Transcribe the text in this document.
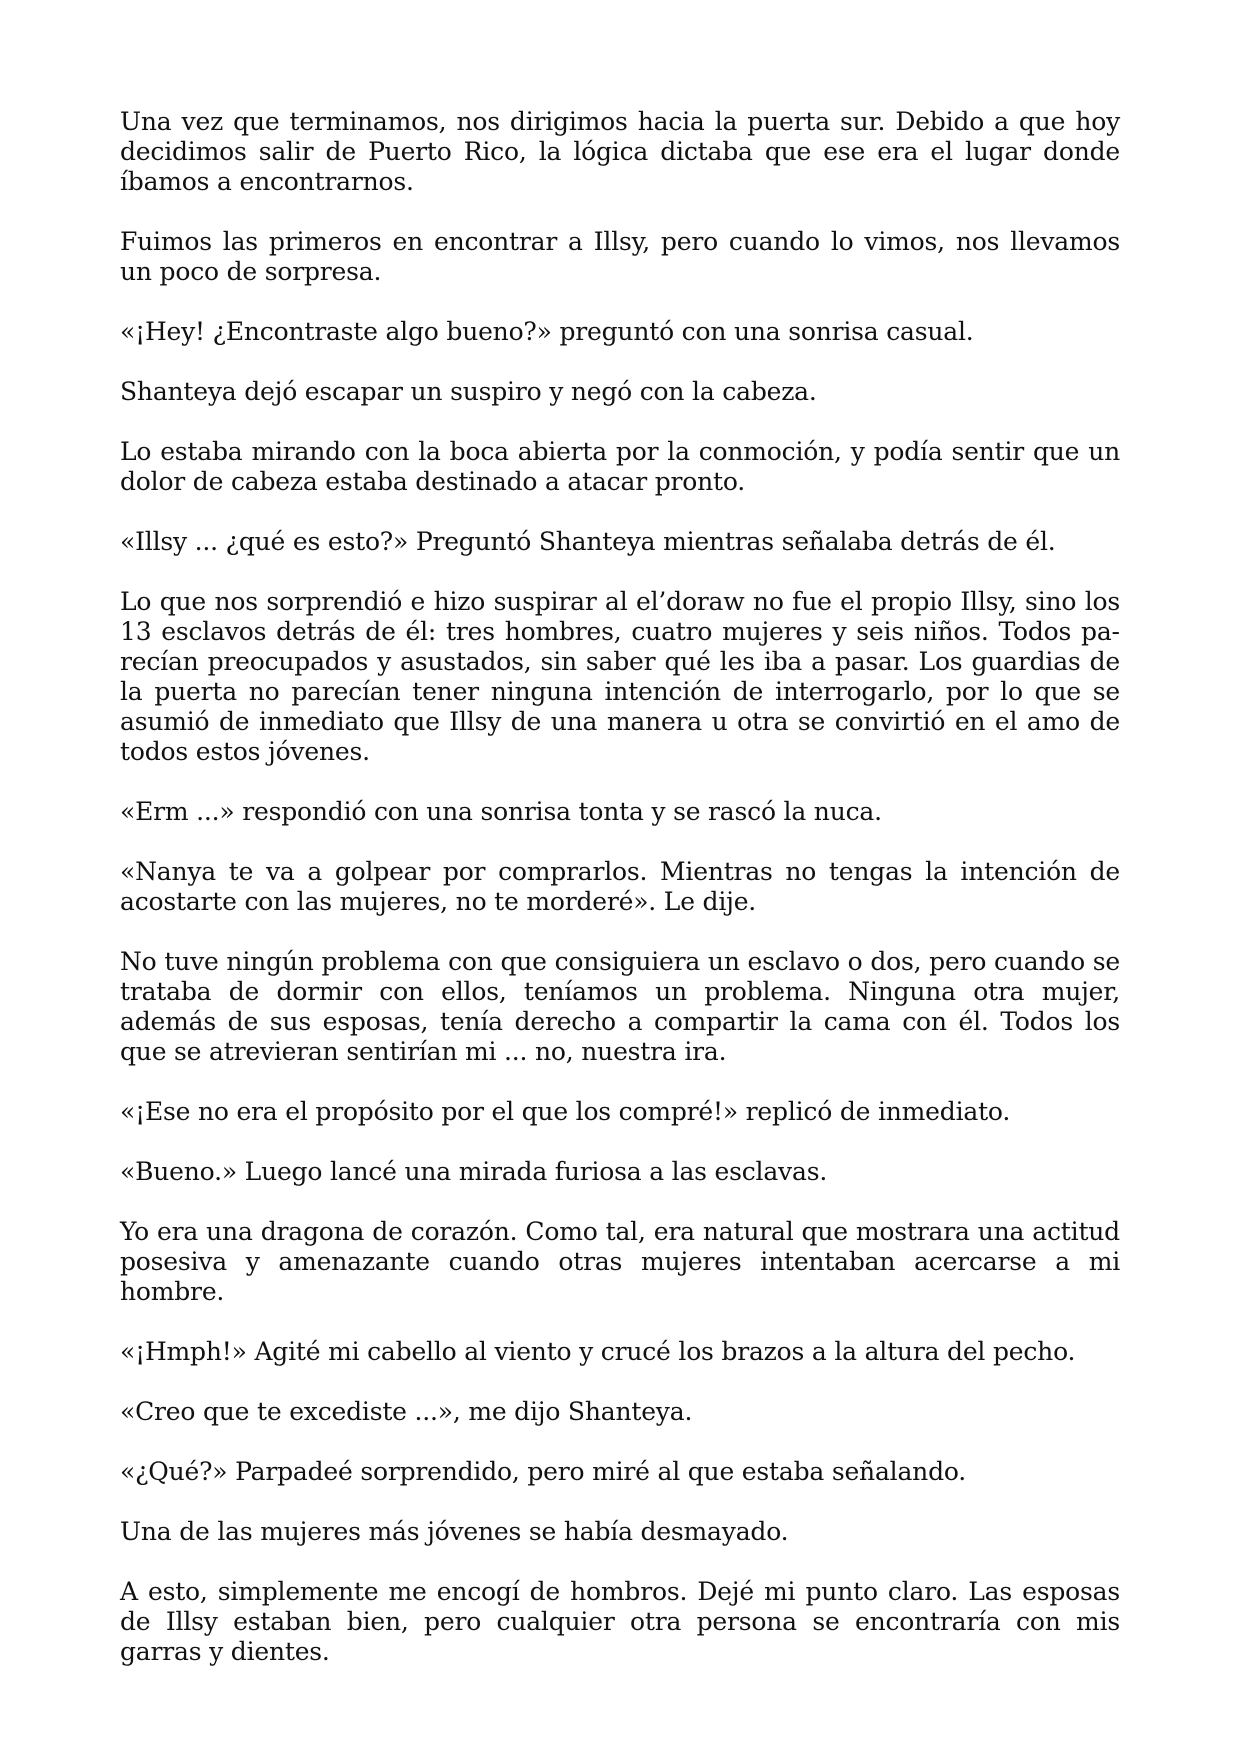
Una vez que terminamos, nos dirigimos hacia la puerta sur. Debido a que hoy decidimos salir de Puerto Rico, la lógica dictaba que ese era el lugar donde íbamos a encontrarnos.

Fuimos las primeros en encontrar a Illsy, pero cuando lo vimos, nos llevamos un poco de sorpresa.

«¡Hey! ¿Encontraste algo bueno?» preguntó con una sonrisa casual.

Shanteya dejó escapar un suspiro y negó con la cabeza.

Lo estaba mirando con la boca abierta por la conmoción, y podía sentir que un dolor de cabeza estaba destinado a atacar pronto.

«Illsy ... ¿qué es esto?» Preguntó Shanteya mientras señalaba detrás de él.

Lo que nos sorprendió e hizo suspirar al el’doraw no fue el propio Illsy, sino los 13 esclavos detrás de él: tres hombres, cuatro mujeres y seis niños. Todos parecían preocupados y asustados, sin saber qué les iba a pasar. Los guardias de la puerta no parecían tener ninguna intención de interrogarlo, por lo que se asumió de inmediato que Illsy de una manera u otra se convirtió en el amo de todos estos jóvenes.

«Erm ...» respondió con una sonrisa tonta y se rascó la nuca.

«Nanya te va a golpear por comprarlos. Mientras no tengas la intención de acostarte con las mujeres, no te morderé». Le dije.

No tuve ningún problema con que consiguiera un esclavo o dos, pero cuando se trataba de dormir con ellos, teníamos un problema. Ninguna otra mujer, además de sus esposas, tenía derecho a compartir la cama con él. Todos los que se atrevieran sentirían mi ... no, nuestra ira.

«¡Ese no era el propósito por el que los compré!» replicó de inmediato.

«Bueno.» Luego lancé una mirada furiosa a las esclavas.

Yo era una dragona de corazón. Como tal, era natural que mostrara una actitud posesiva y amenazante cuando otras mujeres intentaban acercarse a mi hombre.

«¡Hmph!» Agité mi cabello al viento y crucé los brazos a la altura del pecho.

«Creo que te excediste ...», me dijo Shanteya.

«¿Qué?» Parpadeé sorprendido, pero miré al que estaba señalando.

Una de las mujeres más jóvenes se había desmayado.

A esto, simplemente me encogí de hombros. Dejé mi punto claro. Las esposas de Illsy estaban bien, pero cualquier otra persona se encontraría con mis garras y dientes.
